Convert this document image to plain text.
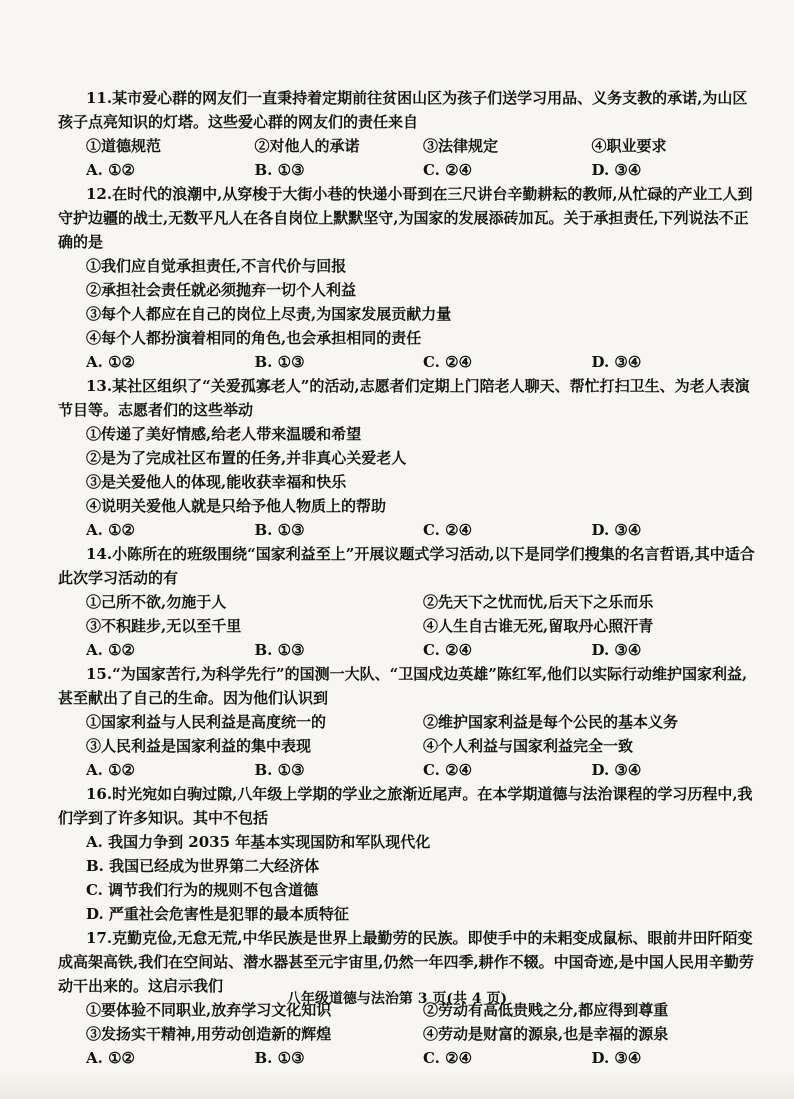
11.某市爱心群的网友们一直秉持着定期前往贫困山区为孩子们送学习用品、义务支教的承诺,为山区孩子点亮知识的灯塔。这些爱心群的网友们的责任来自

①道德规范	②对他人的承诺	③法律规定	④职业要求
A. ①②	B. ①③	C. ②④	D. ③④

12.在时代的浪潮中,从穿梭于大街小巷的快递小哥到在三尺讲台辛勤耕耘的教师,从忙碌的产业工人到守护边疆的战士,无数平凡人在各自岗位上默默坚守,为国家的发展添砖加瓦。关于承担责任,下列说法不正确的是

①我们应自觉承担责任,不言代价与回报
②承担社会责任就必须抛弃一切个人利益
③每个人都应在自己的岗位上尽责,为国家发展贡献力量
④每个人都扮演着相同的角色,也会承担相同的责任
A. ①②	B. ①③	C. ②④	D. ③④

13.某社区组织了“关爱孤寡老人”的活动,志愿者们定期上门陪老人聊天、帮忙打扫卫生、为老人表演节目等。志愿者们的这些举动

①传递了美好情感,给老人带来温暖和希望
②是为了完成社区布置的任务,并非真心关爱老人
③是关爱他人的体现,能收获幸福和快乐
④说明关爱他人就是只给予他人物质上的帮助
A. ①②	B. ①③	C. ②④	D. ③④

14.小陈所在的班级围绕“国家利益至上”开展议题式学习活动,以下是同学们搜集的名言哲语,其中适合此次学习活动的有

①己所不欲,勿施于人	②先天下之忧而忧,后天下之乐而乐
③不积跬步,无以至千里	④人生自古谁无死,留取丹心照汗青
A. ①②	B. ①③	C. ②④	D. ③④

15.“为国家苦行,为科学先行”的国测一大队、“卫国戍边英雄”陈红军,他们以实际行动维护国家利益,甚至献出了自己的生命。因为他们认识到

①国家利益与人民利益是高度统一的	②维护国家利益是每个公民的基本义务
③人民利益是国家利益的集中表现	④个人利益与国家利益完全一致
A. ①②	B. ①③	C. ②④	D. ③④

16.时光宛如白驹过隙,八年级上学期的学业之旅渐近尾声。在本学期道德与法治课程的学习历程中,我们学到了许多知识。其中不包括

A. 我国力争到 2035 年基本实现国防和军队现代化
B. 我国已经成为世界第二大经济体
C. 调节我们行为的规则不包含道德
D. 严重社会危害性是犯罪的最本质特征

17.克勤克俭,无怠无荒,中华民族是世界上最勤劳的民族。即使手中的未耜变成鼠标、眼前井田阡陌变成高架高铁,我们在空间站、潜水器甚至元宇宙里,仍然一年四季,耕作不辍。中国奇迹,是中国人民用辛勤劳动干出来的。这启示我们

①要体验不同职业,放弃学习文化知识	②劳动有高低贵贱之分,都应得到尊重
③发扬实干精神,用劳动创造新的辉煌	④劳动是财富的源泉,也是幸福的源泉
A. ①②	B. ①③	C. ②④	D. ③④
八年级道德与法治第 3 页(共 4 页)
